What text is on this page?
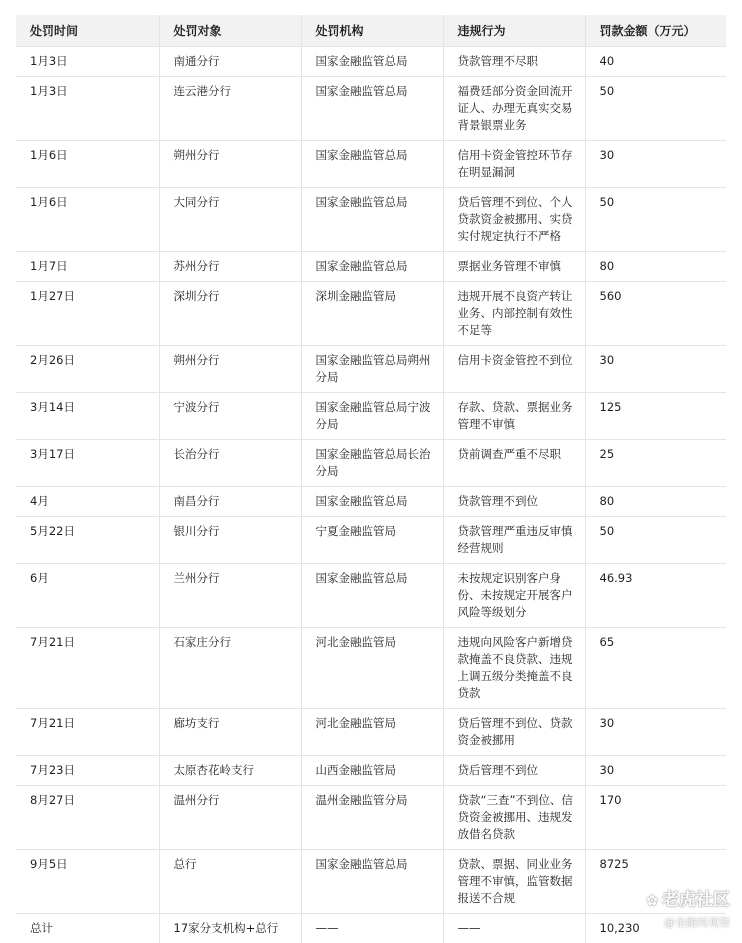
处罚时间	处罚对象	处罚机构	违规行为	罚款金额（万元）
1月3日	南通分行	国家金融监管总局	贷款管理不尽职	40
1月3日	连云港分行	国家金融监管总局	福费廷部分资金回流开证人、办理无真实交易背景银票业务	50
1月6日	朔州分行	国家金融监管总局	信用卡资金管控环节存在明显漏洞	30
1月6日	大同分行	国家金融监管总局	贷后管理不到位、个人贷款资金被挪用、实贷实付规定执行不严格	50
1月7日	苏州分行	国家金融监管总局	票据业务管理不审慎	80
1月27日	深圳分行	深圳金融监管局	违规开展不良资产转让业务、内部控制有效性不足等	560
2月26日	朔州分行	国家金融监管总局朔州分局	信用卡资金管控不到位	30
3月14日	宁波分行	国家金融监管总局宁波分局	存款、贷款、票据业务管理不审慎	125
3月17日	长治分行	国家金融监管总局长治分局	贷前调查严重不尽职	25
4月	南昌分行	国家金融监管总局	贷款管理不到位	80
5月22日	银川分行	宁夏金融监管局	贷款管理严重违反审慎经营规则	50
6月	兰州分行	国家金融监管总局	未按规定识别客户身份、未按规定开展客户风险等级划分	46.93
7月21日	石家庄分行	河北金融监管局	违规向风险客户新增贷款掩盖不良贷款、违规上调五级分类掩盖不良贷款	65
7月21日	廊坊支行	河北金融监管局	贷后管理不到位、贷款资金被挪用	30
7月23日	太原杏花岭支行	山西金融监管局	贷后管理不到位	30
8月27日	温州分行	温州金融监管分局	贷款“三查”不到位、信贷资金被挪用、违规发放借名贷款	170
9月5日	总行	国家金融监管总局	贷款、票据、同业业务管理不审慎，监管数据报送不合规	8725
总计	17家分支机构+总行	——	——	10,230
✿ 老虎社区
@金融周观察
